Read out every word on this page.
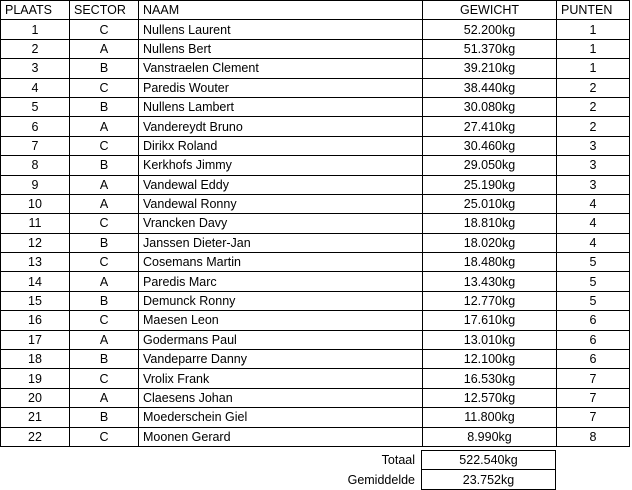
PLAATS	SECTOR	NAAM	GEWICHT	PUNTEN
1	C	Nullens Laurent	52.200kg	1
2	A	Nullens Bert	51.370kg	1
3	B	Vanstraelen Clement	39.210kg	1
4	C	Paredis Wouter	38.440kg	2
5	B	Nullens Lambert	30.080kg	2
6	A	Vandereydt Bruno	27.410kg	2
7	C	Dirikx Roland	30.460kg	3
8	B	Kerkhofs Jimmy	29.050kg	3
9	A	Vandewal Eddy	25.190kg	3
10	A	Vandewal Ronny	25.010kg	4
11	C	Vrancken Davy	18.810kg	4
12	B	Janssen Dieter-Jan	18.020kg	4
13	C	Cosemans Martin	18.480kg	5
14	A	Paredis Marc	13.430kg	5
15	B	Demunck Ronny	12.770kg	5
16	C	Maesen Leon	17.610kg	6
17	A	Godermans Paul	13.010kg	6
18	B	Vandeparre Danny	12.100kg	6
19	C	Vrolix Frank	16.530kg	7
20	A	Claesens Johan	12.570kg	7
21	B	Moederschein Giel	11.800kg	7
22	C	Moonen Gerard	8.990kg	8
		Totaal	522.540kg
		Gemiddelde	23.752kg
